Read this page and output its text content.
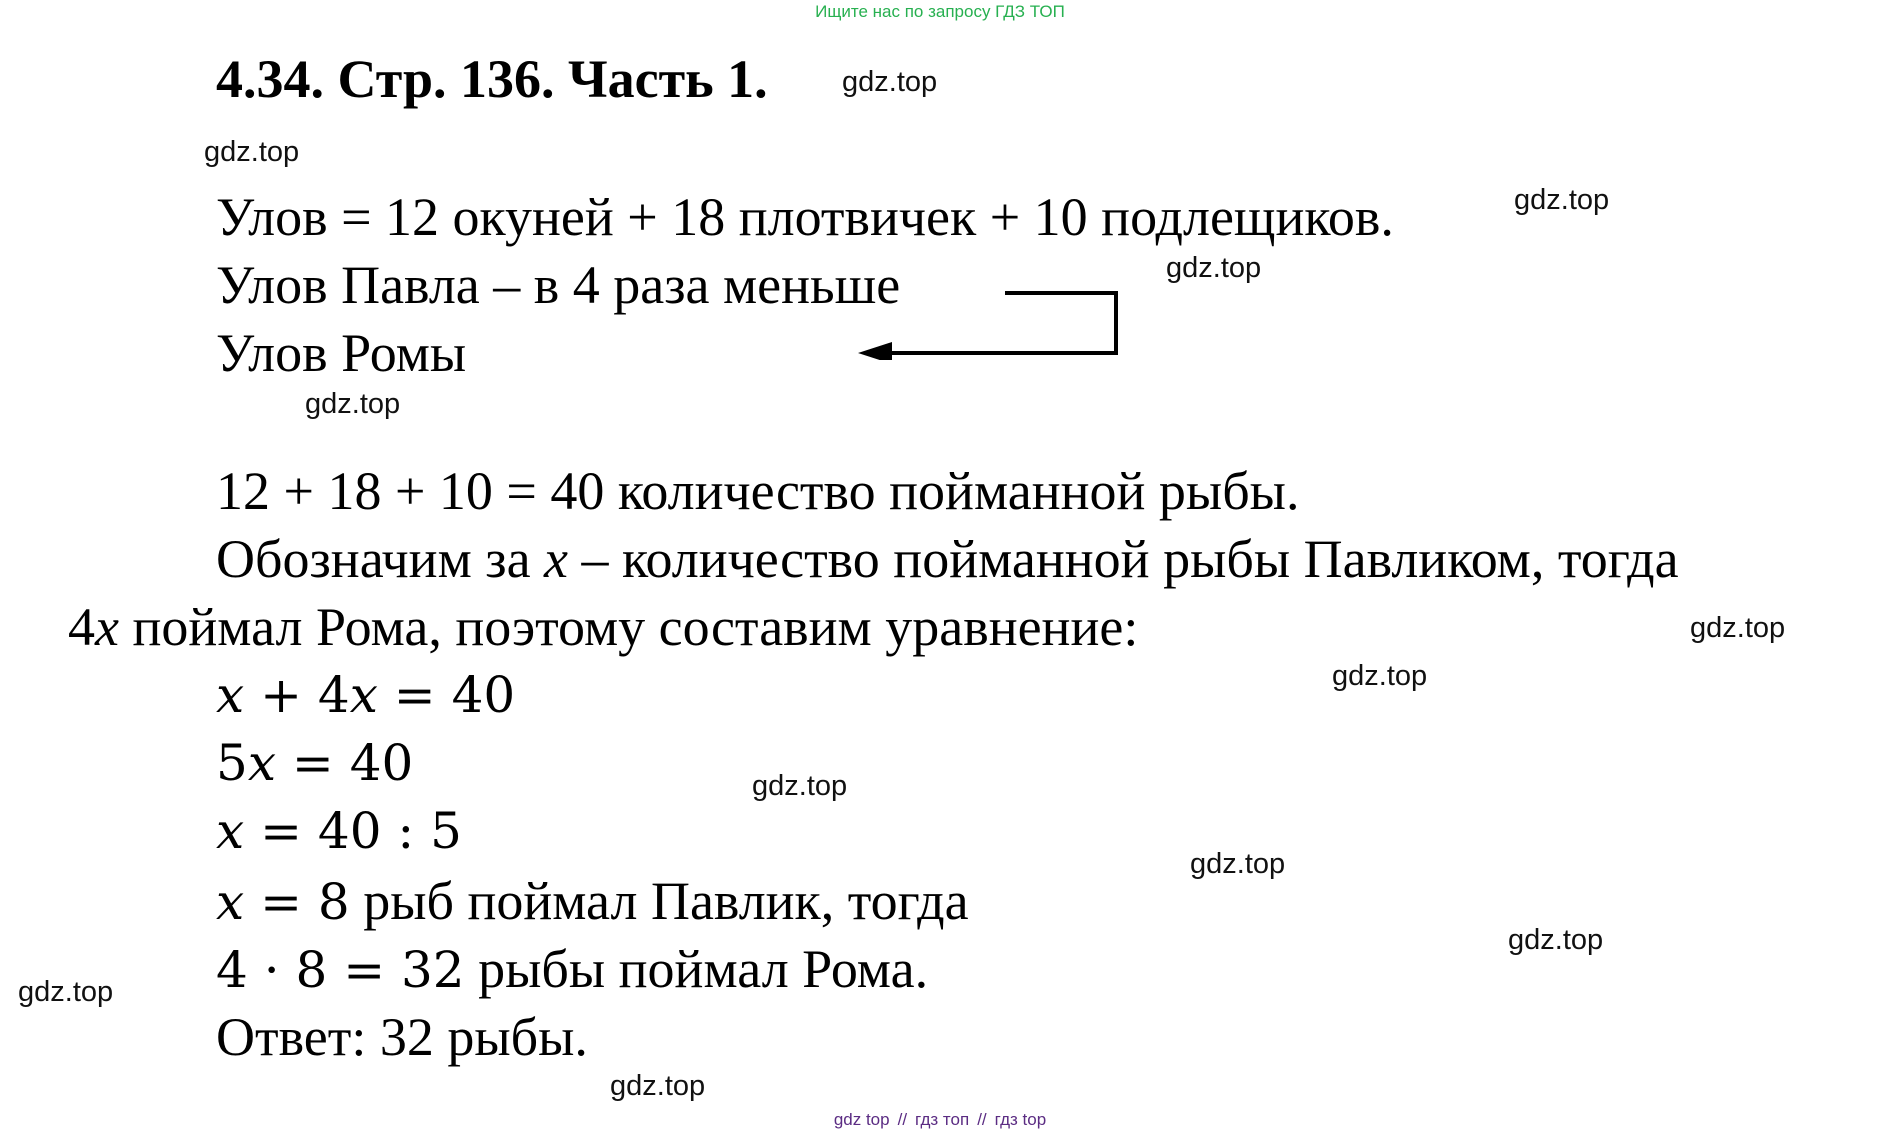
Ищите нас по запросу ГДЗ ТОП
4.34. Стр. 136. Часть 1.
Улов = 12 окуней + 18 плотвичек + 10 подлещиков.
Улов Павла – в 4 раза меньше
Улов Ромы
12 + 18 + 10 = 40 количество пойманной рыбы.
Обозначим за x – количество пойманной рыбы Павликом, тогда
4x поймал Рома, поэтому составим уравнение:
x + 4x = 40
5x = 40
x = 40 : 5
x = 8 рыб поймал Павлик, тогда
4 · 8 = 32 рыбы поймал Рома.
Ответ: 32 рыбы.
gdz.top
gdz.top
gdz.top
gdz.top
gdz.top
gdz.top
gdz.top
gdz.top
gdz.top
gdz.top
gdz.top
gdz.top
gdz top // гдз топ // гдз top
